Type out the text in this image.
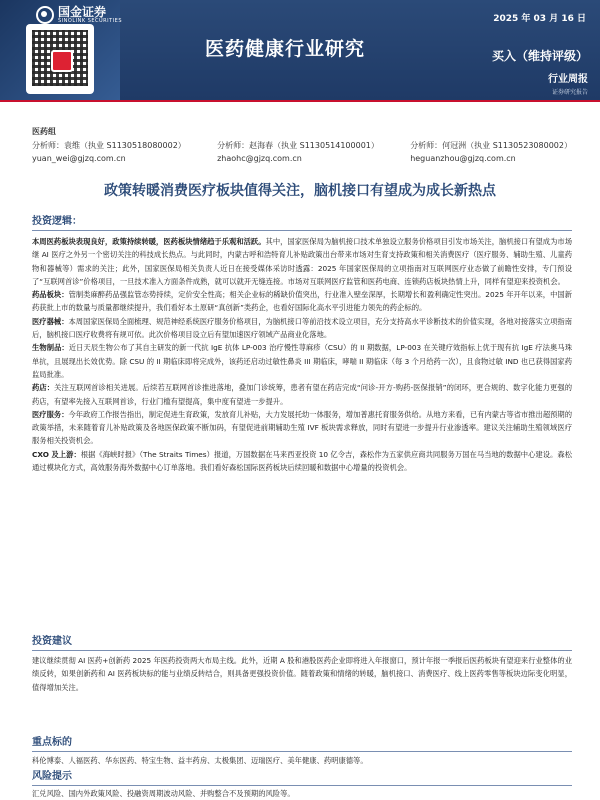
国金证券
SINOLINK SECURITIES	2025 年 03 月 16 日
医药健康行业研究	买入（维持评级）
行业周报
证券研究报告
医药组
分析师：袁维（执业 S1130518080002）
yuan_wei@gjzq.com.cn
分析师：赵海春（执业 S1130514100001）
zhaohc@gjzq.com.cn
分析师：何冠洲（执业 S1130523080002）
heguanzhou@gjzq.com.cn
政策转暖消费医疗板块值得关注，脑机接口有望成为成长新热点
投资逻辑：

本周医药板块表现良好，政策持续转暖，医药板块情绪趋于乐观和活跃。其中，国家医保局为脑机接口技术单独设立服务价格项目引发市场关注，脑机接口有望成为市场继 AI 医疗之外另一个密切关注的科技成长热点。与此同时，内蒙古呼和浩特育儿补贴政策出台带来市场对生育支持政策和相关消费医疗（医疗服务、辅助生殖、儿童药物和器械等）需求的关注；此外，国家医保局相关负责人近日在接受媒体采访时透露：2025 年国家医保局的立项指南对互联网医疗业态做了前瞻性安排，专门预设了“互联网首诊”价格项目，一旦技术准入方面条件成熟，就可以就开无缝连接。市场对互联网医疗监管和医药电商、连锁药店板块热情上升，同样有望迎来投资机会。

药品板块：管制类麻醉药品强监管态势持续，定价安全性高；相关企业标的稀缺价值突出，行业准入壁垒深厚，长期增长和盈利确定性突出。2025 年开年以来，中国新药获批上市的数量与质量都继续提升，我们看好本土原研“真创新”类药企，也看好国际化高水平引进能力领先的药企标的。

医疗器械：本周国家医保局全面梳理、规范神经系统医疗服务价格项目，为脑机接口等前沿技术设立项目，充分支持高水平诊断技术的价值实现，各地对接落实立项指南后，脑机接口医疗收费将有规可依。此次价格项目设立后有望加速医疗领域产品商业化落地。

生物制品：近日天辰生物公布了其自主研发的新一代抗 IgE 抗体 LP-003 治疗慢性荨麻疹（CSU）的 II 期数据，LP-003 在关键疗效指标上优于现有抗 IgE 疗法奥马珠单抗，且展现出长效优势。除 CSU 的 II 期临床即将完成外，该药还启动过敏性鼻炎 III 期临床，哮喘 II 期临床（每 3 个月给药一次），且食物过敏 IND 也已获得国家药监局批准。

药店：关注互联网首诊相关进展。后续若互联网首诊推进落地，叠加门诊统筹，患者有望在药店完成“问诊-开方-购药-医保报销”的闭环，更合规的、数字化能力更强的药店，有望率先接入互联网首诊，行业门槛有望提高，集中度有望进一步提升。

医疗服务：今年政府工作报告指出，制定促进生育政策，发放育儿补贴，大力发展托幼一体服务，增加普惠托育服务供给。从地方来看，已有内蒙古等省市推出超预期的政策举措，未来随着育儿补贴政策及各地医保政策不断加码，有望促进前期辅助生殖 IVF 板块需求释放，同时有望进一步提升行业渗透率。建议关注辅助生殖领域医疗服务相关投资机会。

CXO 及上游：根据《海峡时报》（The Straits Times）报道，万国数据在马来西亚投资 10 亿令吉，森松作为五家供应商共同服务万国在马当地的数据中心建设。森松通过模块化方式，高效服务海外数据中心订单落地。我们看好森松国际医药板块后续回暖和数据中心增量的投资机会。

投资建议

建议继续贯彻 AI 医药+创新药 2025 年医药投资两大布局主线。此外，近期 A 股和港股医药企业即将进入年报窗口，预计年报一季报后医药板块有望迎来行业整体的业绩反转，如果创新药和 AI 医药板块标的能与业绩反转结合，则具备更强投资价值。随着政策和情绪的转暖，脑机接口、消费医疗、线上医药零售等板块边际变化明显，值得增加关注。

重点标的

科伦博泰、人福医药、华东医药、特宝生物、益丰药房、太极集团、迈瑞医疗、美年健康、药明康德等。

风险提示

汇兑风险、国内外政策风险、投融资周期波动风险、并购整合不及预期的风险等。
